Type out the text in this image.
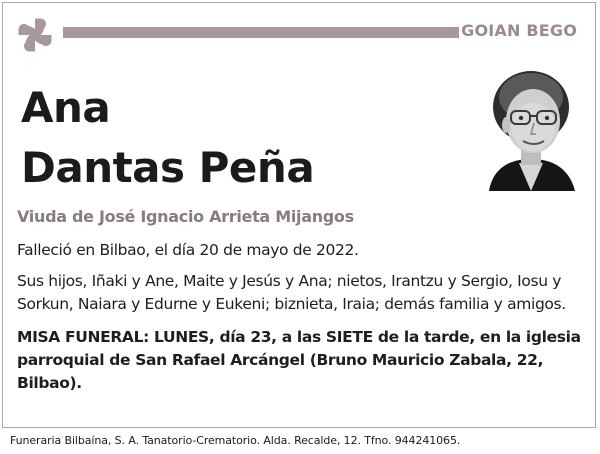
GOIAN BEGO
Ana
Dantas Peña
Viuda de José Ignacio Arrieta Mijangos
Falleció en Bilbao, el día 20 de mayo de 2022.
Sus hijos, Iñaki y Ane, Maite y Jesús y Ana; nietos, Irantzu y Sergio, Iosu y Sorkun, Naiara y Edurne y Eukeni; biznieta, Iraia; demás familia y amigos.
MISA FUNERAL: LUNES, día 23, a las SIETE de la tarde, en la iglesia parroquial de San Rafael Arcángel (Bruno Mauricio Zabala, 22, Bilbao).
Funeraria Bilbaína, S. A. Tanatorio-Crematorio. Alda. Recalde, 12. Tfno. 944241065.
